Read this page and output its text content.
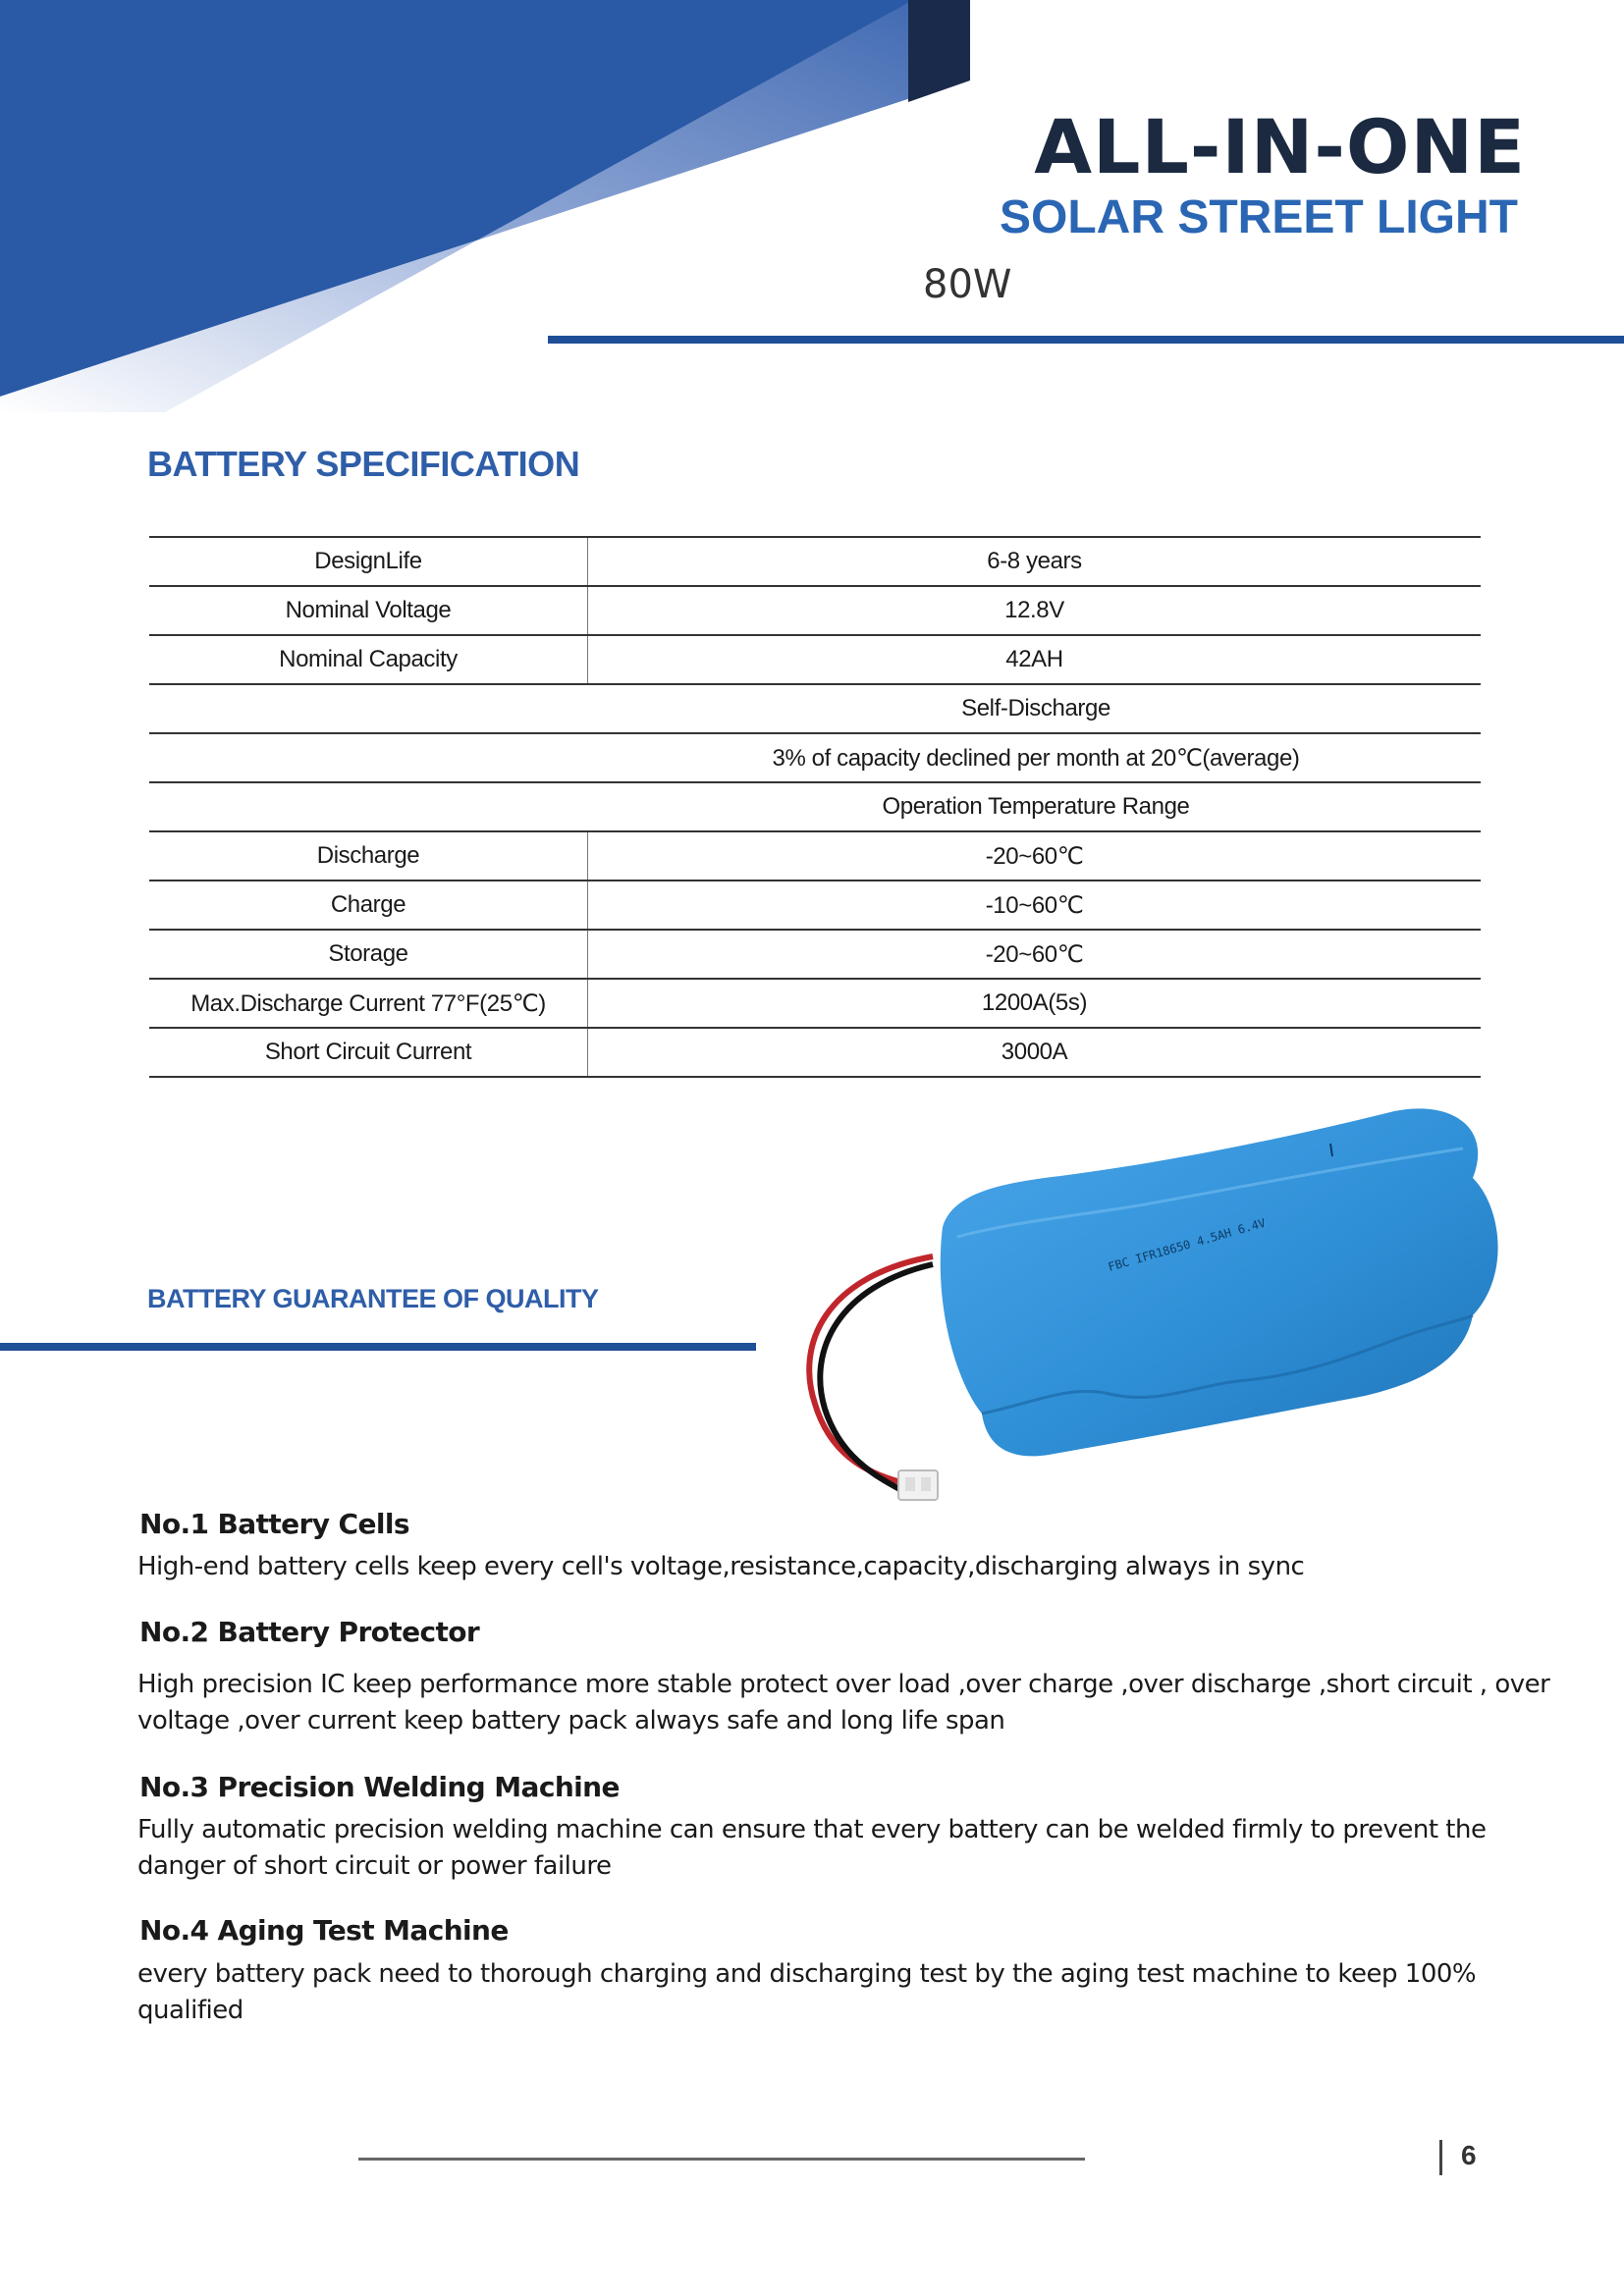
ALL-IN-ONE
SOLAR STREET LIGHT
80W
BATTERY SPECIFICATION
DesignLife	6-8 years
Nominal Voltage	12.8V
Nominal Capacity	42AH
Self-Discharge	
3% of capacity declined per month at 20℃(average)	
Operation Temperature Range	
Discharge	-20~60℃
Charge	-10~60℃
Storage	-20~60℃
Max.Discharge Current 77°F(25℃)	1200A(5s)
Short Circuit Current	3000A
FBC IFR18650 4.5AH 6.4V
BATTERY GUARANTEE OF QUALITY
No.1 Battery Cells
High-end battery cells keep every cell's voltage,resistance,capacity,discharging always in sync
No.2 Battery Protector
High precision IC keep performance more stable protect over load ,over charge ,over discharge ,short circuit , over voltage ,over current keep battery pack always safe and long life span
No.3 Precision Welding Machine
Fully automatic precision welding machine can ensure that every battery can be welded firmly to prevent the danger of short circuit or power failure
No.4 Aging Test Machine
every battery pack need to thorough charging and discharging test by the aging test machine to keep 100% qualified
6
